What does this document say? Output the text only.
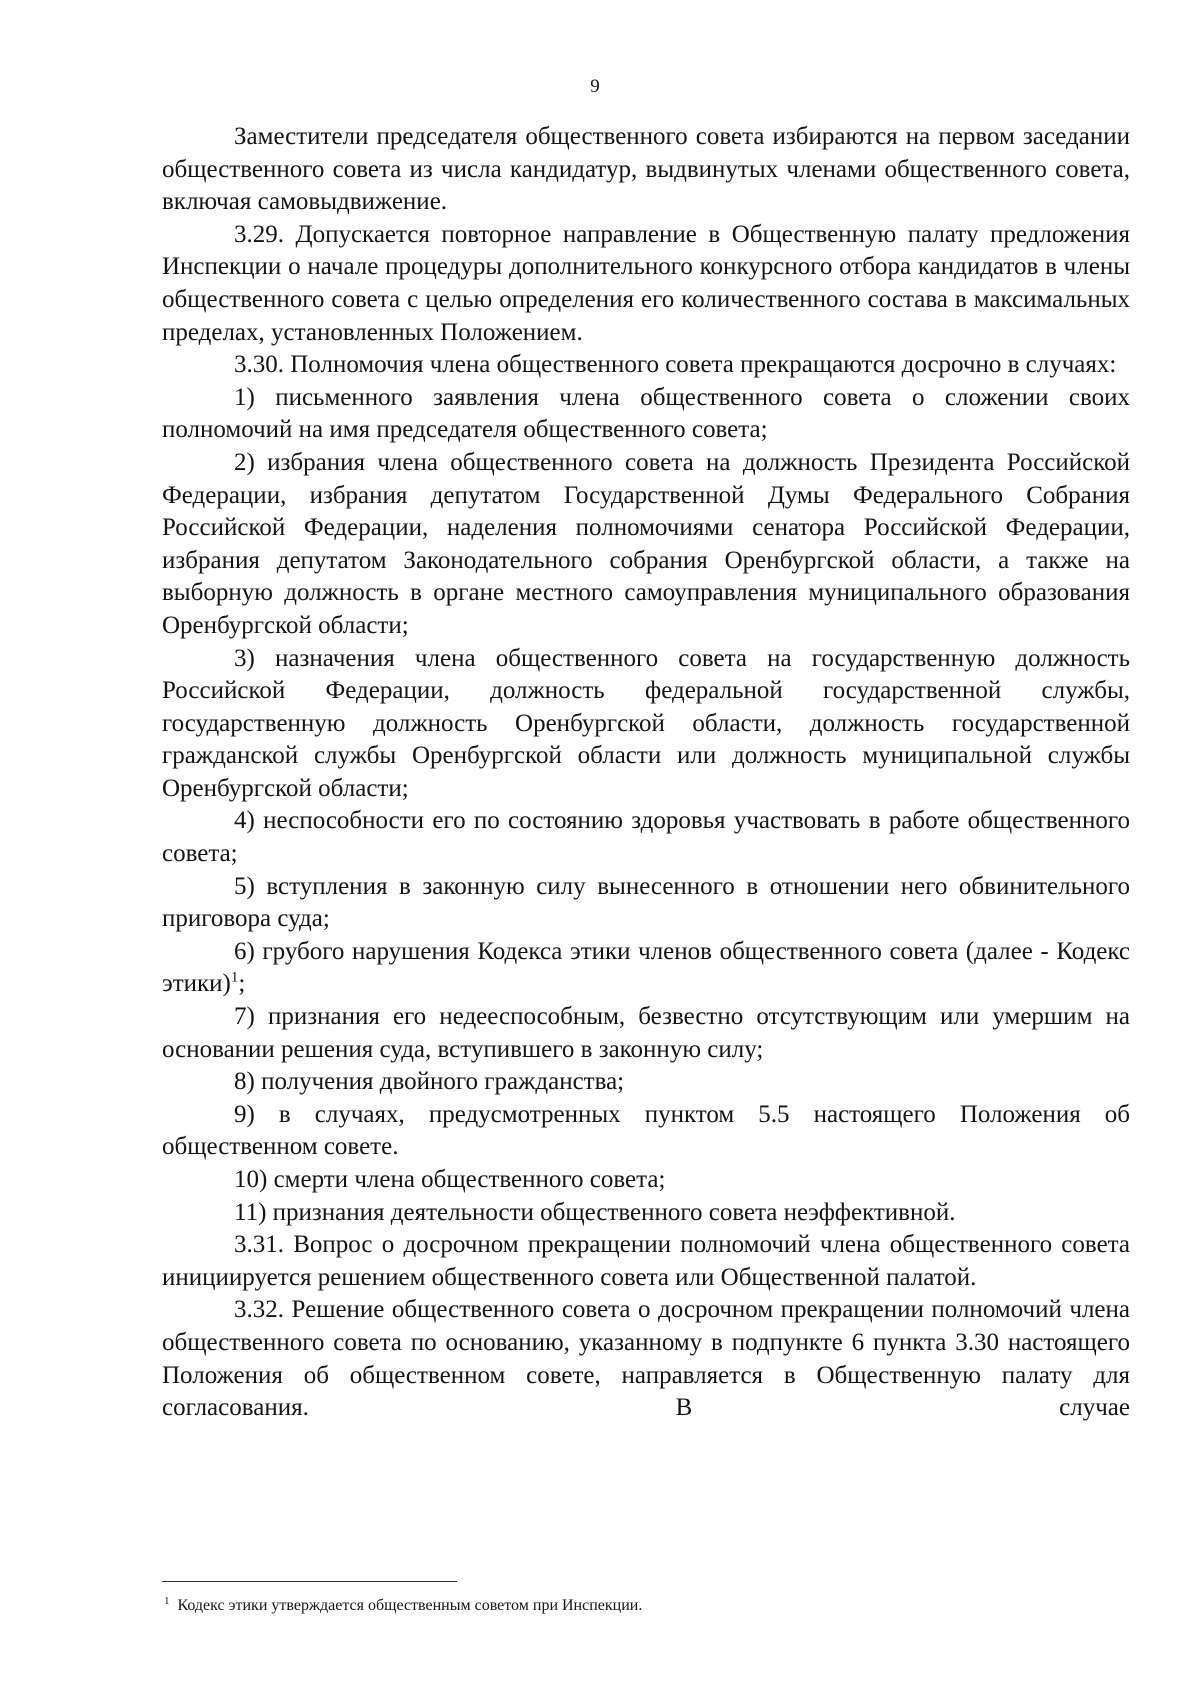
9

Заместители председателя общественного совета избираются на первом заседании общественного совета из числа кандидатур, выдвинутых членами общественного совета, включая самовыдвижение.

3.29. Допускается повторное направление в Общественную палату предложения Инспекции о начале процедуры дополнительного конкурсного отбора кандидатов в члены общественного совета с целью определения его количественного состава в максимальных пределах, установленных Положением.

3.30. Полномочия члена общественного совета прекращаются досрочно в случаях:

1) письменного заявления члена общественного совета о сложении своих полномочий на имя председателя общественного совета;

2) избрания члена общественного совета на должность Президента Российской Федерации, избрания депутатом Государственной Думы Федерального Собрания Российской Федерации, наделения полномочиями сенатора Российской Федерации, избрания депутатом Законодательного собрания Оренбургской области, а также на выборную должность в органе местного самоуправления муниципального образования Оренбургской области;

3) назначения члена общественного совета на государственную должность Российской Федерации, должность федеральной государственной службы, государственную должность Оренбургской области, должность государственной гражданской службы Оренбургской области или должность муниципальной службы Оренбургской области;

4) неспособности его по состоянию здоровья участвовать в работе общественного совета;

5) вступления в законную силу вынесенного в отношении него обвинительного приговора суда;

6) грубого нарушения Кодекса этики членов общественного совета (далее - Кодекс этики)$^1$;

7) признания его недееспособным, безвестно отсутствующим или умершим на основании решения суда, вступившего в законную силу;

8) получения двойного гражданства;

9) в случаях, предусмотренных пунктом 5.5 настоящего Положения об общественном совете.

10) смерти члена общественного совета;

11) признания деятельности общественного совета неэффективной.

3.31. Вопрос о досрочном прекращении полномочий члена общественного совета инициируется решением общественного совета или Общественной палатой.

3.32. Решение общественного совета о досрочном прекращении полномочий члена общественного совета по основанию, указанному в подпункте 6 пункта 3.30 настоящего Положения об общественном совете, направляется в Общественную палату для согласования. В случае

$^1$ Кодекс этики утверждается общественным советом при Инспекции.
